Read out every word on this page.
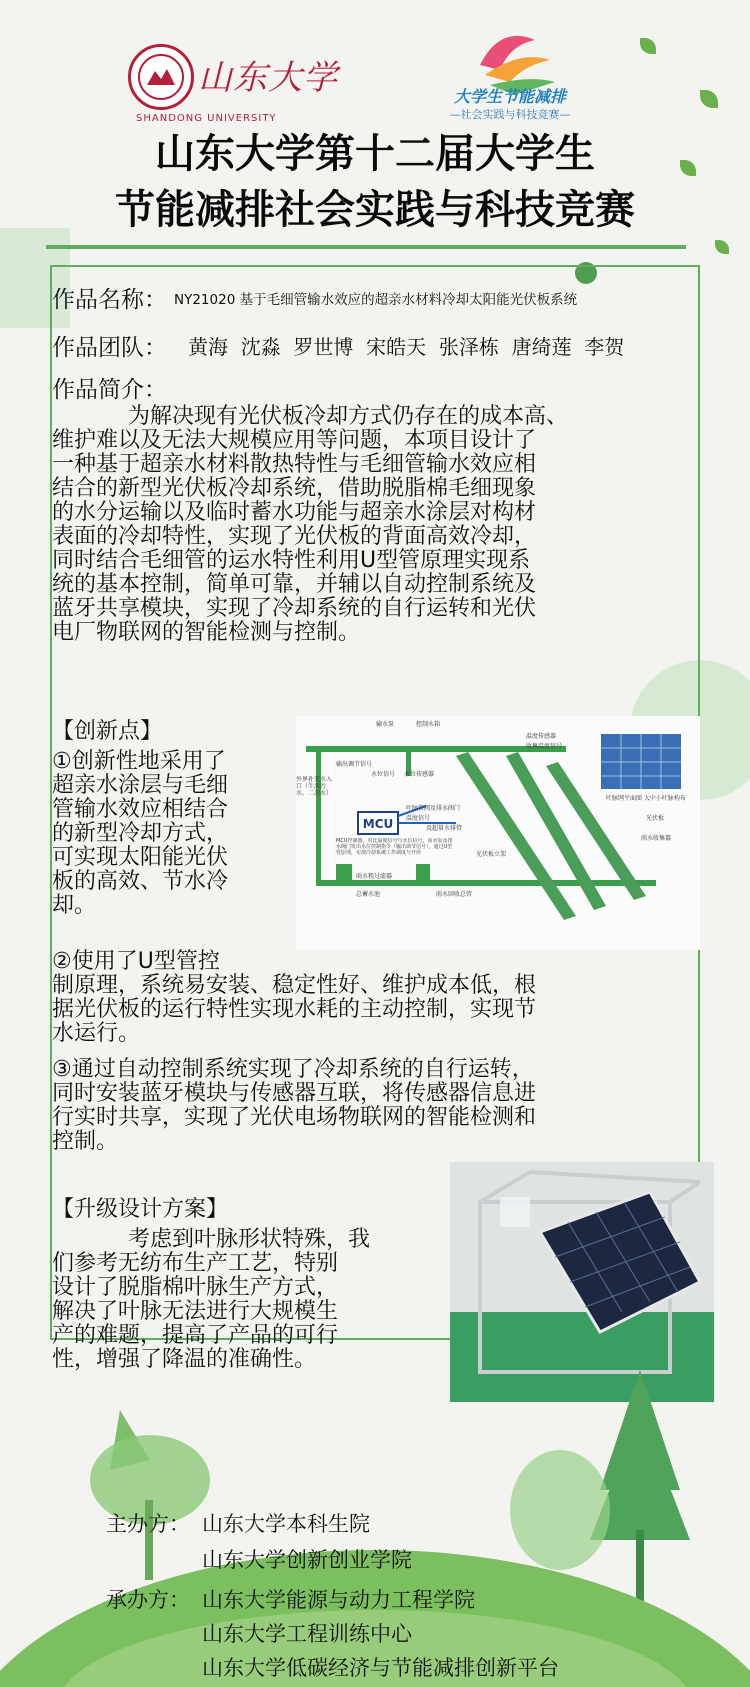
山东大学
SHANDONG UNIVERSITY
大学生节能减排
—社会实践与科技竞赛—
山东大学第十二届大学生
节能减排社会实践与科技竞赛
作品名称： NY21020 基于毛细管输水效应的超亲水材料冷却太阳能光伏板系统
作品团队： 黄海  沈淼  罗世博  宋皓天  张泽栋  唐绮莲  李贺
作品简介：
为解决现有光伏板冷却方式仍存在的成本高、
维护难以及无法大规模应用等问题，本项目设计了
一种基于超亲水材料散热特性与毛细管输水效应相
结合的新型光伏板冷却系统，借助脱脂棉毛细现象
的水分运输以及临时蓄水功能与超亲水涂层对构材
表面的冷却特性，实现了光伏板的背面高效冷却，
同时结合毛细管的运水特性利用U型管原理实现系
统的基本控制，简单可靠，并辅以自动控制系统及
蓝牙共享模块，实现了冷却系统的自行运转和光伏
电厂物联网的智能检测与控制。
【创新点】
①创新性地采用了
超亲水涂层与毛细
管输水效应相结合
的新型冷却方式，
可实现太阳能光伏
板的高效、节水冷
却。
②使用了U型管控
制原理，系统易安装、稳定性好、维护成本低，根
据光伏板的运行特性实现水耗的主动控制，实现节
水运行。
③通过自动控制系统实现了冷却系统的自行运转，
同时安装蓝牙模块与传感器互联，将传感器信息进
行实时共享，实现了光伏电场物联网的智能检测和
控制。
MCU
输水泵	控制水箱
输出调节信号
水位信号 水位传感器
温度传感器
收集温度信号
温度信号
叶脉管阀及排水阀门
及超量水排管
叶脉网平面图 大中小叶脉构布
光伏板
雨水收集器
光伏板立架
雨水粗过滤器
总蓄水池	雨水回收总管
外界补充水入口（生活污水、二次水）
MCU控制器，对比温度信号与水位信号，向水泵及排水阀门发出水位控制指令（输出调节信号），通过U型管原理，实现冷却系统工作调度与开停
【升级设计方案】
考虑到叶脉形状特殊，我
们参考无纺布生产工艺，特别
设计了脱脂棉叶脉生产方式，
解决了叶脉无法进行大规模生
产的难题，提高了产品的可行
性，增强了降温的准确性。
主办方： 山东大学本科生院
山东大学创新创业学院
承办方： 山东大学能源与动力工程学院
山东大学工程训练中心
山东大学低碳经济与节能减排创新平台
